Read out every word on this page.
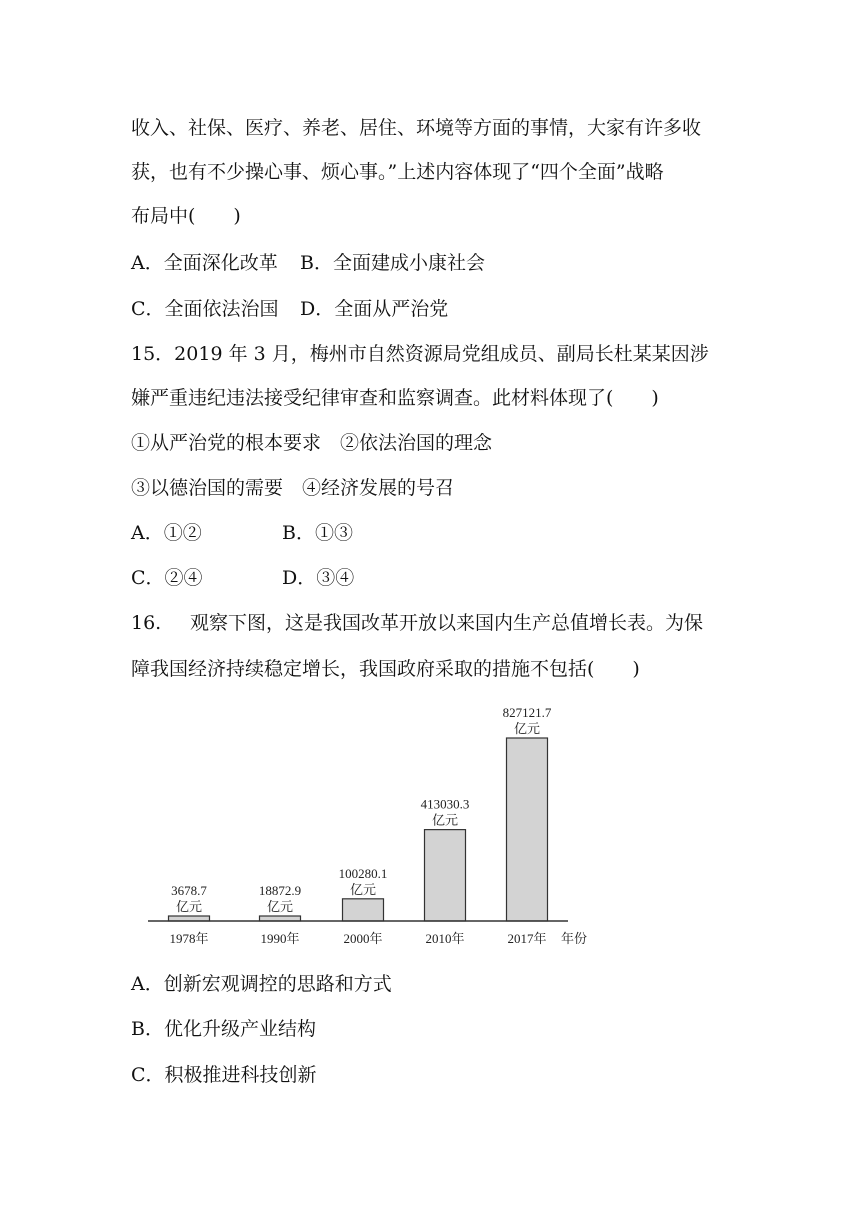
收入、社保、医疗、养老、居住、环境等方面的事情，大家有许多收
获，也有不少操心事、烦心事。”上述内容体现了“四个全面”战略
布局中(　　)
A．全面深化改革 B．全面建成小康社会
C．全面依法治国 D．全面从严治党
15．2019 年 3 月，梅州市自然资源局党组成员、副局长杜某某因涉
嫌严重违纪违法接受纪律审查和监察调查。此材料体现了(　　)
①从严治党的根本要求　②依法治国的理念
③以德治国的需要　④经济发展的号召
A．①②	B．①③
C．②④	D．③④
16. 观察下图，这是我国改革开放以来国内生产总值增长表。为保
障我国经济持续稳定增长，我国政府采取的措施不包括(　　)
3678.7
亿元
18872.9
亿元
100280.1
亿元
413030.3
亿元
827121.7
亿元
1978年	1990年	2000年	2010年	2017年 年份
A．创新宏观调控的思路和方式
B．优化升级产业结构
C．积极推进科技创新
